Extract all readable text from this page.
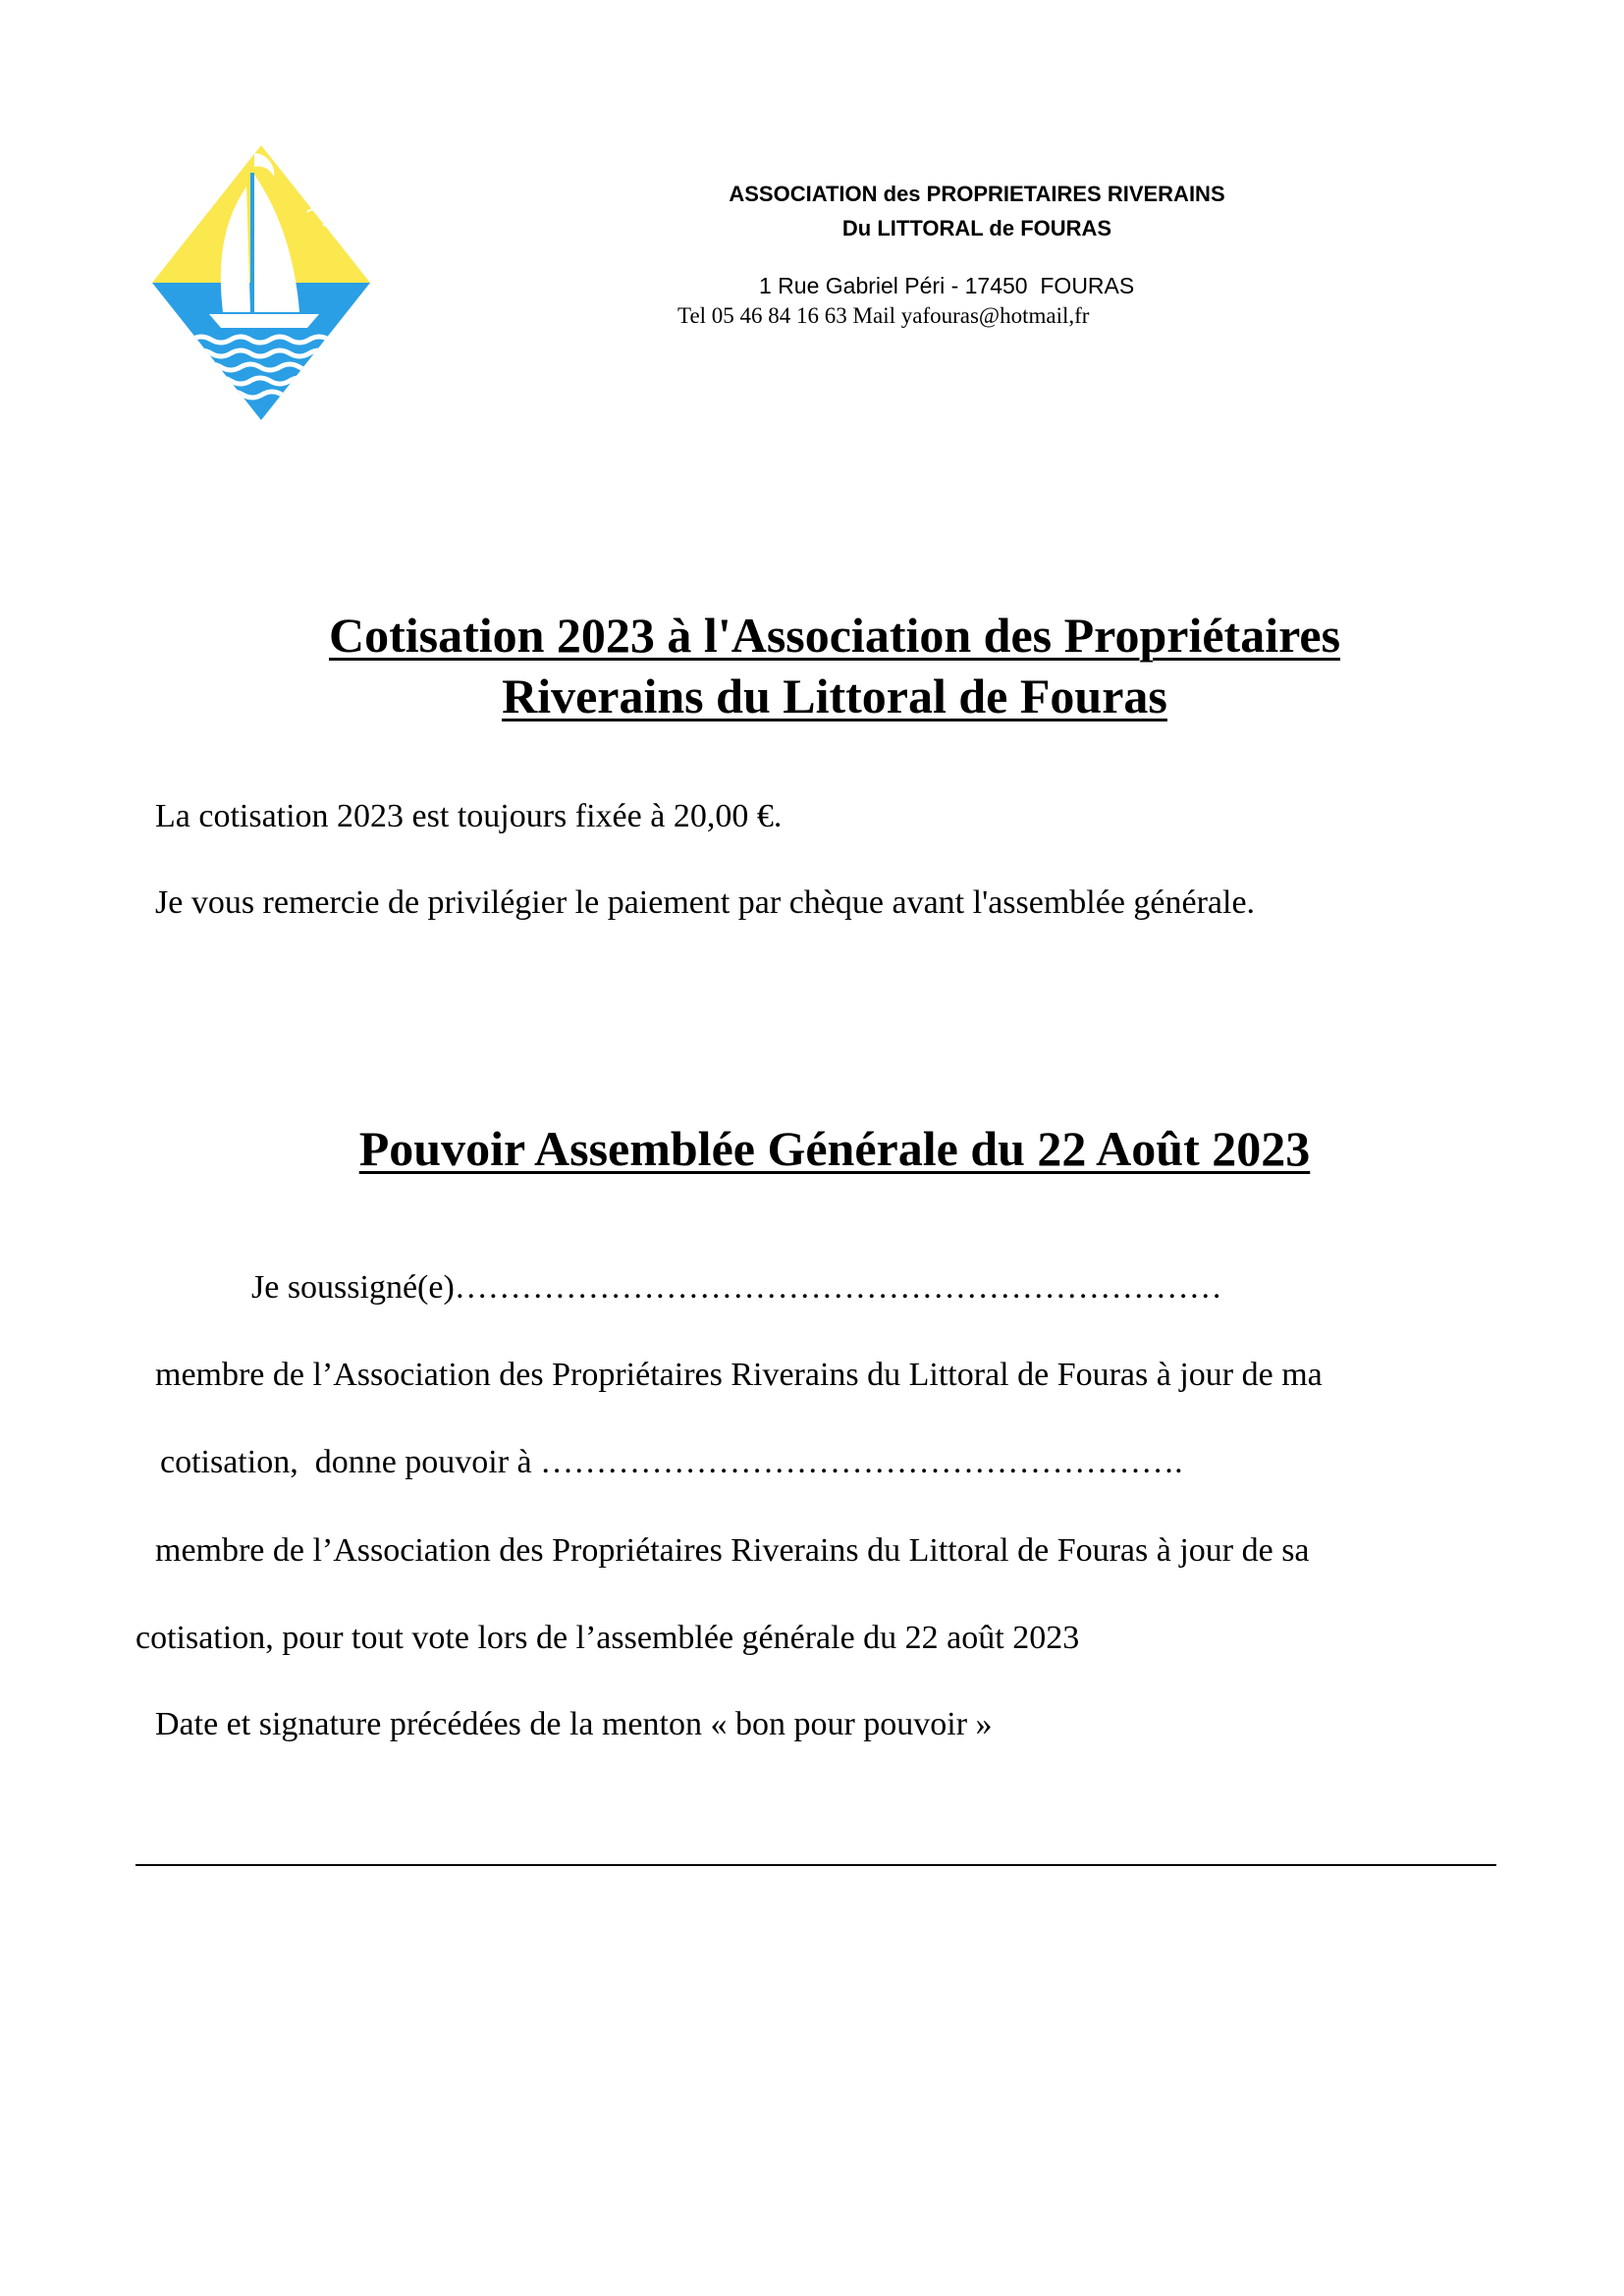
ASSOCIATION des PROPRIETAIRES RIVERAINS
Du LITTORAL de FOURAS
1 Rue Gabriel Péri - 17450  FOURAS
Tel 05 46 84 16 63 Mail yafouras@hotmail,fr
Cotisation 2023 à l'Association des Propriétaires
Riverains du Littoral de Fouras
La cotisation 2023 est toujours fixée à 20,00 €.
Je vous remercie de privilégier le paiement par chèque avant l'assemblée générale.
Pouvoir Assemblée Générale du 22 Août 2023
Je soussigné(e)……………………………………………………………
membre de l’Association des Propriétaires Riverains du Littoral de Fouras à jour de ma
cotisation,  donne pouvoir à ………………………………………………….
membre de l’Association des Propriétaires Riverains du Littoral de Fouras à jour de sa
cotisation, pour tout vote lors de l’assemblée générale du 22 août 2023
Date et signature précédées de la menton « bon pour pouvoir »
